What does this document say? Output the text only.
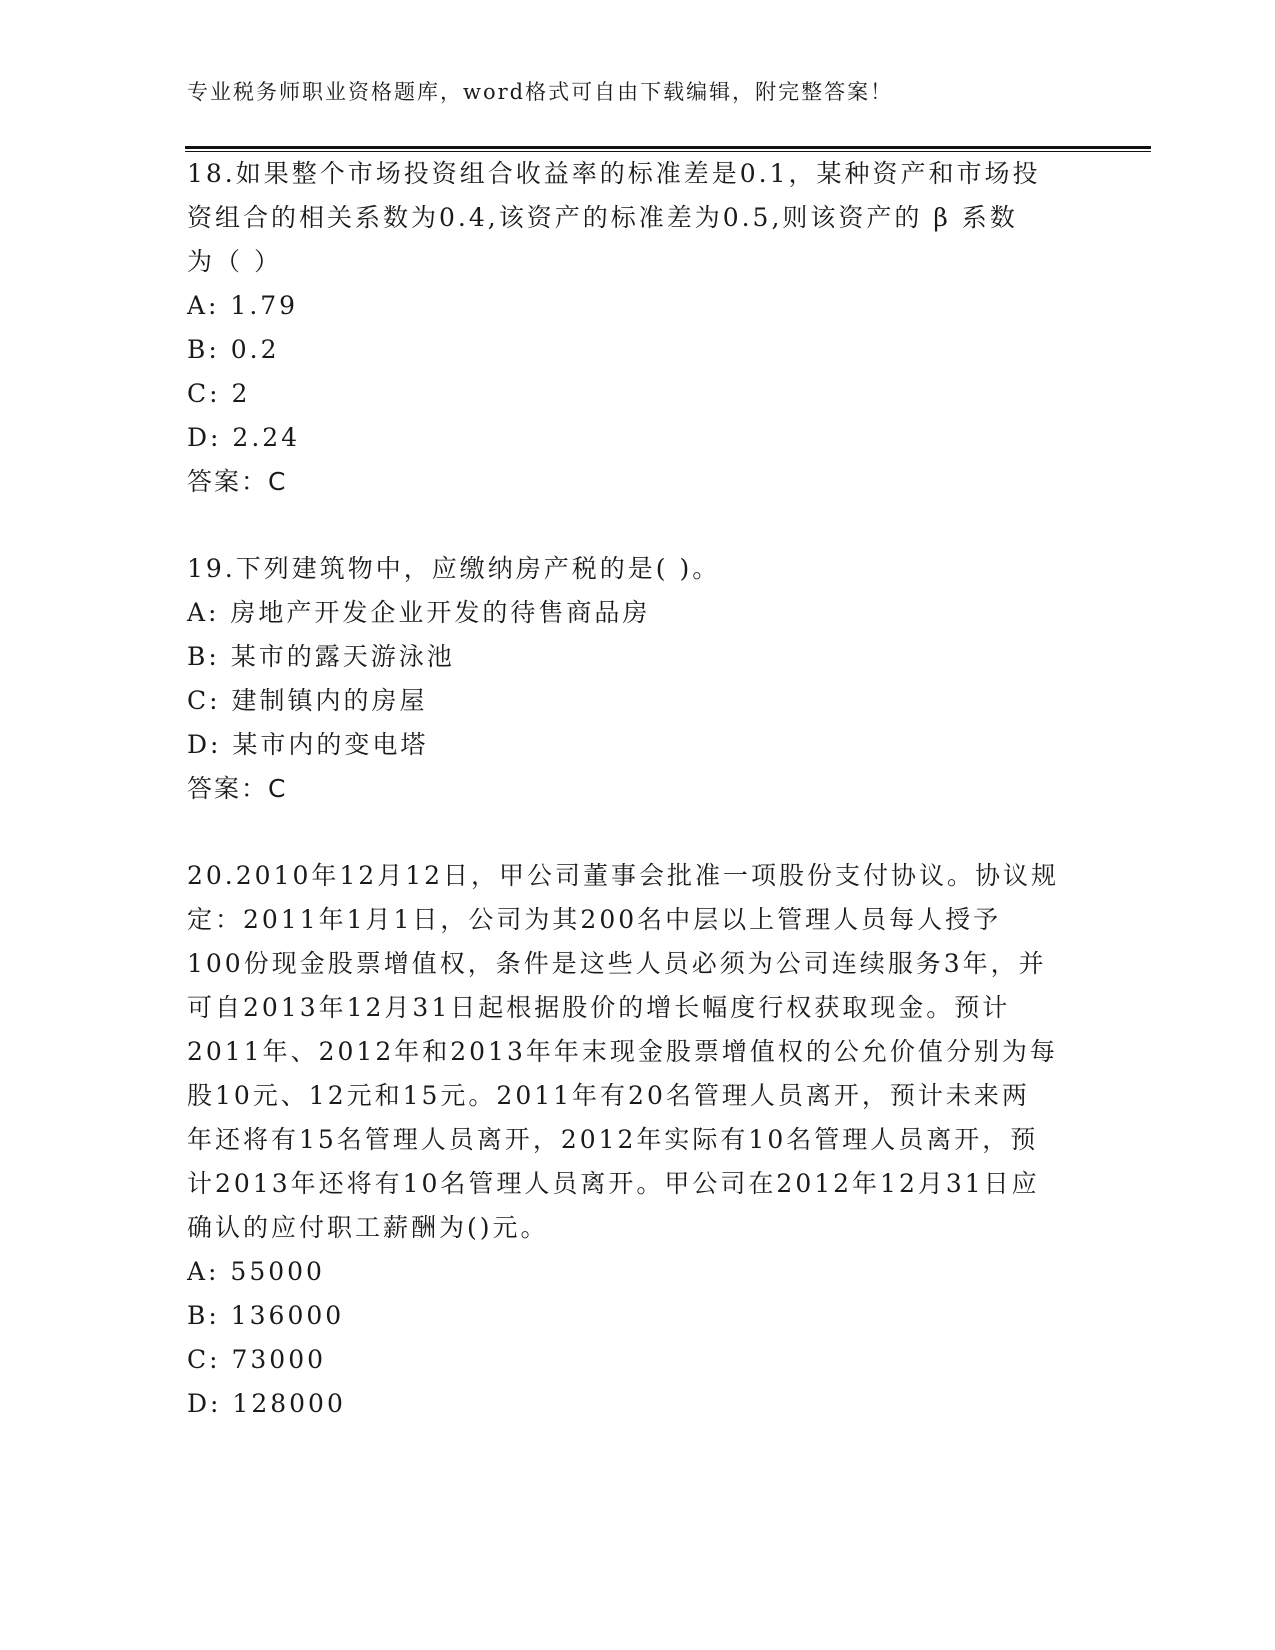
专业税务师职业资格题库，word格式可自由下载编辑，附完整答案！
18.如果整个市场投资组合收益率的标准差是0.1，某种资产和市场投
资组合的相关系数为0.4,该资产的标准差为0.5,则该资产的 β 系数
为（ ）
A: 1.79
B: 0.2
C: 2
D: 2.24
答案：C
19.下列建筑物中，应缴纳房产税的是( )。
A: 房地产开发企业开发的待售商品房
B: 某市的露天游泳池
C: 建制镇内的房屋
D: 某市内的变电塔
答案：C
20.2010年12月12日，甲公司董事会批准一项股份支付协议。协议规
定：2011年1月1日，公司为其200名中层以上管理人员每人授予
100份现金股票增值权，条件是这些人员必须为公司连续服务3年，并
可自2013年12月31日起根据股价的增长幅度行权获取现金。预计
2011年、2012年和2013年年末现金股票增值权的公允价值分别为每
股10元、12元和15元。2011年有20名管理人员离开，预计未来两
年还将有15名管理人员离开，2012年实际有10名管理人员离开，预
计2013年还将有10名管理人员离开。甲公司在2012年12月31日应
确认的应付职工薪酬为()元。
A: 55000
B: 136000
C: 73000
D: 128000
